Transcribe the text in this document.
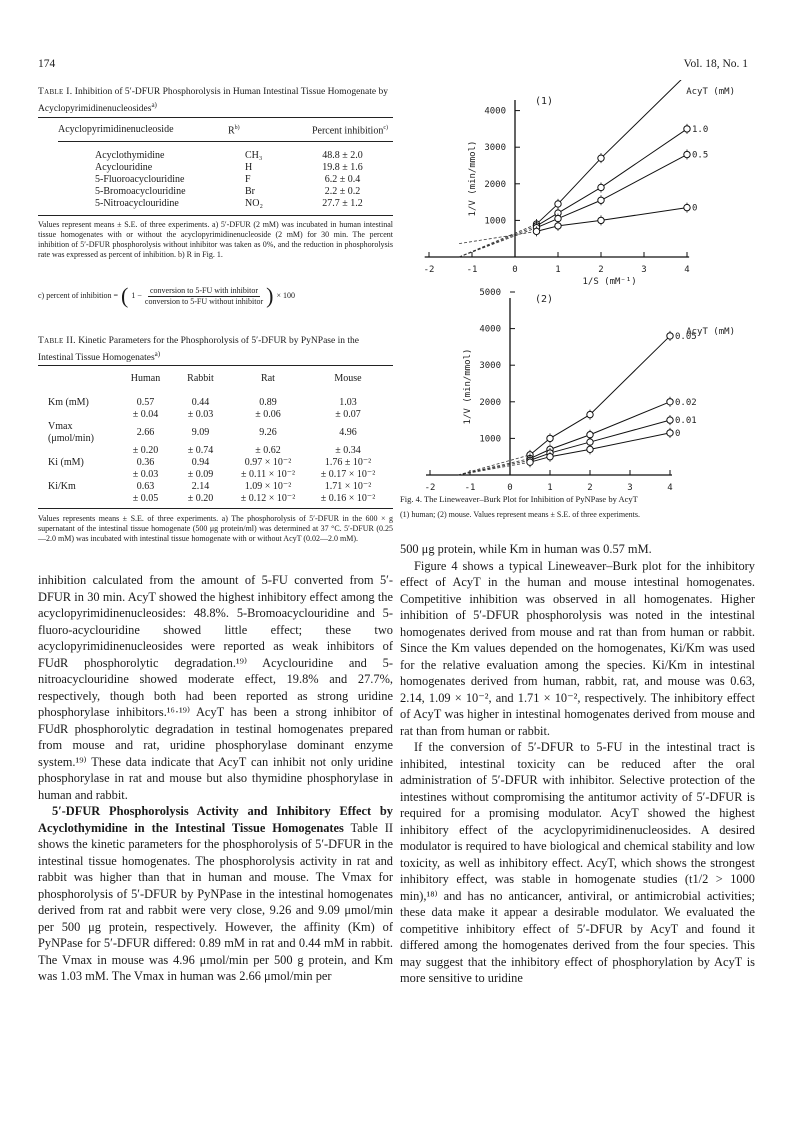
174	Vol. 18, No. 1
Table I. Inhibition of 5′-DFUR Phosphorolysis in Human Intestinal Tissue Homogenate by Acyclopyrimidinenucleosides$^{a)}$
Acyclopyrimidinenucleoside	$R^{b)}$	Percent inhibition$^{c)}$
Acyclothymidine	CH₃	48.8 ± 2.0
Acyclouridine	H	19.8 ± 1.6
5-Fluoroacyclouridine	F	6.2 ± 0.4
5-Bromoacyclouridine	Br	2.2 ± 0.2
5-Nitroacyclouridine	NO₂	27.7 ± 1.2
Values represent means ± S.E. of three experiments. a) 5′-DFUR (2 mM) was incubated in human intestinal tissue homogenates with or without the acyclopyrimidinenucleoside (2 mM) for 30 min. The percent inhibition of 5′-DFUR phosphorolysis without inhibitor was taken as 0%, and the reduction in phosphorolysis rate was expressed as percent of inhibition. b) R in Fig. 1.
c) percent of inhibition = ( 1 −
conversion to 5-FU with inhibitor
conversion to 5-FU without inhibitor ) × 100
Table II. Kinetic Parameters for the Phosphorolysis of 5′-DFUR by PyNPase in the Intestinal Tissue Homogenates$^{a)}$
	Human	Rabbit	Rat	Mouse

Km (mM)	0.57	0.44	0.89	1.03
	± 0.04	± 0.03	± 0.06	± 0.07
Vmax (μmol/min)	2.66	9.09	9.26	4.96
	± 0.20	± 0.74	± 0.62	± 0.34
Ki (mM)	0.36	0.94	0.97 × 10⁻²	1.76 ± 10⁻²
	± 0.03	± 0.09	± 0.11 × 10⁻²	± 0.17 × 10⁻²
Ki/Km	0.63	2.14	1.09 × 10⁻²	1.71 × 10⁻²
	± 0.05	± 0.20	± 0.12 × 10⁻²	± 0.16 × 10⁻²
Values represents means ± S.E. of three experiments. a) The phosphorolysis of 5′-DFUR in the 600 × g supernatant of the intestinal tissue homogenate (500 μg protein/ml) was determined at 37 °C. 5′-DFUR (0.25—2.0 mM) was incubated with intestinal tissue homogenate with or without AcyT (0.02—2.0 mM).

inhibition calculated from the amount of 5-FU converted from 5′-DFUR in 30 min. AcyT showed the highest inhibitory effect among the acyclopyrimidinenucleosides: 48.8%. 5-Bromoacyclouridine and 5-fluoro-acyclouridine showed little effect; these two acyclopyrimidinenucleosides were reported as weak inhibitors of FUdR phosphorolytic degradation.¹⁹⁾ Acyclouridine and 5-nitroacyclouridine showed moderate effect, 19.8% and 27.7%, respectively, though both had been reported as strong uridine phosphorylase inhibitors.¹⁶·¹⁹⁾ AcyT has been a strong inhibitor of FUdR phosphorolytic degradation in testinal homogenates prepared from mouse and rat, uridine phosphorylase dominant enzyme system.¹⁹⁾ These data indicate that AcyT can inhibit not only uridine phosphorylase in rat and mouse but also thymidine phosphorylase in human and rabbit.

5′-DFUR Phosphorolysis Activity and Inhibitory Effect by Acyclothymidine in the Intestinal Tissue Homogenates Table II shows the kinetic parameters for the phosphorolysis of 5′-DFUR in the intestinal tissue homogenates. The phosphorolysis activity in rat and rabbit was higher than that in human and mouse. The Vmax for phosphorolysis of 5′-DFUR by PyNPase in the intestinal homogenates derived from rat and rabbit were very close, 9.26 and 9.09 μmol/min per 500 μg protein, respectively. However, the affinity (Km) of PyNPase for 5′-DFUR differed: 0.89 mM in rat and 0.44 mM in rabbit. The Vmax in mouse was 4.96 μmol/min per 500 g protein, and Km was 1.03 mM. The Vmax in human was 2.66 μmol/min per

-2	-1	0	1	2	3	4
1000
2000
3000
4000
1/V (min/mmol)
1/S (mM⁻¹)
(1)
AcyT (mM)
1.0
0.5
0
-2	-1	0	1	2	3	4
1000
2000
3000
4000
5000
1/V (min/mmol)
(2)
AcyT (mM)
0.05
0.02
0.01
0
Fig. 4. The Lineweaver–Burk Plot for Inhibition of PyNPase by AcyT
(1) human; (2) mouse. Values represent means ± S.E. of three experiments.

500 μg protein, while Km in human was 0.57 mM.

Figure 4 shows a typical Lineweaver–Burk plot for the inhibitory effect of AcyT in the human and mouse intestinal homogenates. Competitive inhibition was observed in all homogenates. Higher inhibition of 5′-DFUR phosphorolysis was noted in the intestinal homogenates derived from mouse and rat than from human or rabbit. Since the Km values depended on the homogenates, Ki/Km was used for the relative evaluation among the species. Ki/Km in intestinal homogenates derived from human, rabbit, rat, and mouse was 0.63, 2.14, 1.09 × 10⁻², and 1.71 × 10⁻², respectively. The inhibitory effect of AcyT was higher in intestinal homogenates derived from mouse and rat than from human or rabbit.

If the conversion of 5′-DFUR to 5-FU in the intestinal tract is inhibited, intestinal toxicity can be reduced after the oral administration of 5′-DFUR with inhibitor. Selective protection of the intestines without compromising the antitumor activity of 5′-DFUR is required for a promising modulator. AcyT showed the highest inhibitory effect of the acyclopyrimidinenucleosides. A desired modulator is required to have biological and chemical stability and low toxicity, as well as inhibitory effect. AcyT, which shows the strongest inhibitory effect, was stable in homogenate studies (t1/2 > 1000 min),¹⁸⁾ and has no anticancer, antiviral, or antimicrobial activities; these data make it appear a desirable modulator. We evaluated the competitive inhibitory effect of 5′-DFUR by AcyT and found it differed among the homogenates derived from the four species. This may suggest that the inhibitory effect of phosphorylation by AcyT is more sensitive to uridine
